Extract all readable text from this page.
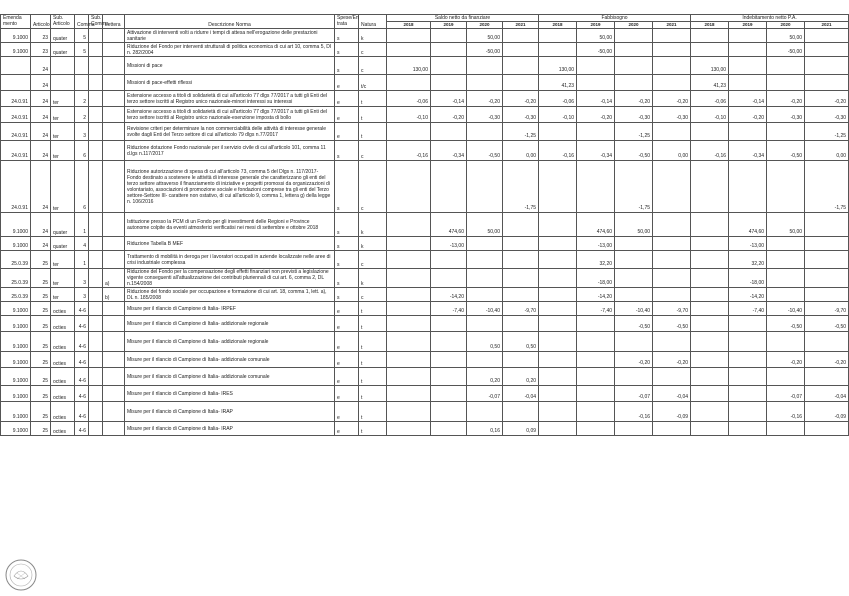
Emenda mento	Articolo	Sub. Articolo	Comma	Sub. Comma	Lettera	Descrizione Norma	Spese/En trata	Natura	Saldo netto da finanziare				Fabbisogno				Indebitamento netto P.A.			
									2018	2019	2020	2021	2018	2019	2020	2021	2018	2019	2020	2021
9.1000	23	quater	5			Attivazione di interventi volti a ridurre i tempi di attesa nell'erogazione delle prestazioni sanitarie	s	k			50,00			50,00					50,00	
9.1000	23	quater	5			Riduzione del Fondo per interventi strutturali di politica economica di cui art 10, comma 5, DI n. 282/2004	s	c			-50,00			-50,00					-50,00	
	24					Missioni di pace	s	c	130,00				130,00				130,00			
	24					Missioni di pace-effetti riflessi	e	t/c					41,23				41,23			
24.0.91	24	ter	2			Estensione accesso a titoli di solidarietà di cui all'articolo 77 dlgs 77/2017 a tutti gli Enti del terzo settore iscritti al Registro unico nazionale-minori interessi su interessi	e	t	-0,06	-0,14	-0,20	-0,20	-0,06	-0,14	-0,20	-0,20	-0,06	-0,14	-0,20	-0,20
24.0.91	24	ter	2			Estensione accesso a titoli di solidarietà di cui all'articolo 77 dlgs 77/2017 a tutti gli Enti del terzo settore iscritti al Registro unico nazionale-esenzione imposta di bollo	e	t	-0,10	-0,20	-0,30	-0,30	-0,10	-0,20	-0,30	-0,30	-0,10	-0,20	-0,30	-0,30
24.0.91	24	ter	3			Revisione criteri per determinare la non commerciabilità delle attività di interesse generale svolte dagli Enti del Terzo settore di cui all'articolo 79 dlgs n.77/2017	e	t				-1,25			-1,25					-1,25
24.0.91	24	ter	6			Riduzione dotazione Fondo nazionale per il servizio civile di cui all'articolo 101, comma 11 d.lgs n.117/2017	s	c	-0,16	-0,34	-0,50	0,00	-0,16	-0,34	-0,50	0,00	-0,16	-0,34	-0,50	0,00
24.0.91	24	ter	6			Riduzione autorizzazione di spesa di cui all'articolo 73, comma 5 del Dlgs n. 117/2017- Fondo destinato a sostenere le attività di interesse generale che caratterizzano gli enti del terzo settore attraverso il finanziamento di iniziative e progetti promossi da organizzazioni di volontariato, associazioni di promozione sociale e fondazioni comprese tra gli enti del Terzo settore-Settore III- carattere non ostativo, di cui all'articolo 9, comma 1, lettera g) della legge n. 106/2016	s	c				-1,75			-1,75					-1,75
9.1000	24	quater	1			Istituzione presso la PCM di un Fondo per gli investimenti delle Regioni e Province autonome colpite da eventi atmosferici verificatisi nei mesi di settembre e ottobre 2018	s	k		474,60	50,00			474,60	50,00			474,60	50,00	
9.1000	24	quater	4			Riduzione Tabella B MEF	s	k		-13,00				-13,00				-13,00		
25.0.39	25	ter	1			Trattamento di mobilità in deroga per i lavoratori occupati in aziende localizzate nelle aree di crisi industriale complessa	s	c						32,20				32,20		
25.0.39	25	ter	3		a)	Riduzione del Fondo per la compensazione degli effetti finanziari non previsti a legislazione vigente conseguenti all'attualizzazione dei contributi pluriennali di cui art. 6, comma 2, DL n.154/2008	s	k						-18,00				-18,00		
25.0.39	25	ter	3		b)	Riduzione del fondo sociale per occupazione e formazione di cui art. 18, comma 1, lett. a), DL n. 185/2008	s	c		-14,20				-14,20				-14,20		
9.1000	25	octies	4-6			Misure per il rilancio di Campione di Italia- IRPEF	e	t		-7,40	-10,40	-9,70		-7,40	-10,40	-9,70		-7,40	-10,40	-9,70
9.1000	25	octies	4-6			Misure per il rilancio di Campione di Italia- addizionale regionale	e	t							-0,50	-0,50			-0,50	-0,50
9.1000	25	octies	4-6			Misure per il rilancio di Campione di Italia- addizionale regionale	e	t			0,50	0,50								
9.1000	25	octies	4-6			Misure per il rilancio di Campione di Italia- addizionale comunale	e	t							-0,20	-0,20			-0,20	-0,20
9.1000	25	octies	4-6			Misure per il rilancio di Campione di Italia- addizionale comunale	e	t			0,20	0,20								
9.1000	25	octies	4-6			Misure per il rilancio di Campione di Italia- IRES	e	t			-0,07	-0,04			-0,07	-0,04			-0,07	-0,04
9.1000	25	octies	4-6			Misure per il rilancio di Campione di Italia- IRAP	e	t							-0,16	-0,09			-0,16	-0,09
9.1000	25	octies	4-6			Misure per il rilancio di Campione di Italia- IRAP	e	t			0,16	0,09								
